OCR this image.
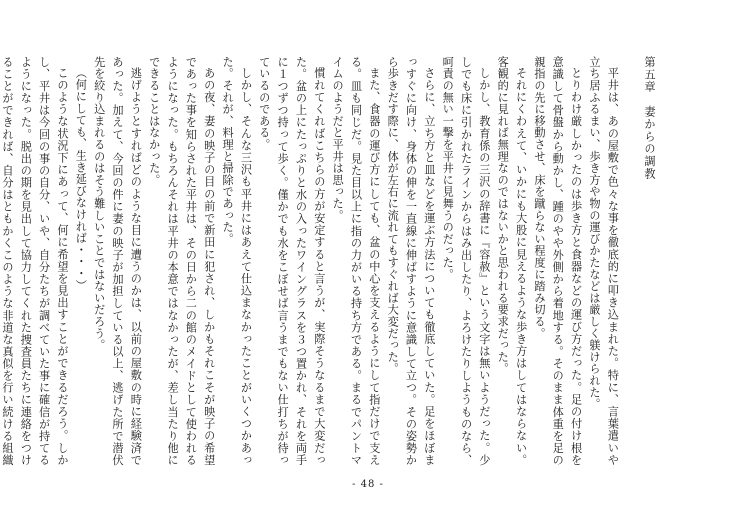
第五章　妻からの調教

平井は、あの屋敷で色々な事を徹底的に叩き込まれた。特に、言葉遣いや立ち居ふるまい、歩き方や物の運びかたなどは厳しく躾けられた。

とりわけ厳しかったのは歩き方と食器などの運び方だった。足の付け根を意識して骨盤から動かし、踵のやや外側から着地する。そのまま体重を足の親指の先に移動させ、床を蹴らない程度に踏み切る。

それにくわえて、いかにも大股に見えるような歩き方はしてはならない。客観的に見れば無理なのではないかと思われる要求だった。

しかし、教育係の三沢の辞書に『容赦』という文字は無いようだった。少しでも床に引かれたラインからはみ出したり、よろけたりしようものなら、呵責の無い一撃を平井に見舞うのだった。

さらに、立ち方と皿などを運ぶ方法についても徹底していた。足をほぼまっすぐに向け、身体の伸を一直線に伸ばすように意識して立つ。その姿勢から歩きだす際に、体が左右に流れてもすぐれば大変だった。

また、食器の運び方にしても、盆の中心を支えるようにして指だけで支える。皿も同じだ。見た目以上に指の力がいる持ち方である。まるでパントマイムのようだと平井は思った。

慣れてくればこちらの方が安定すると言うが、実際そうなるまで大変だった。盆の上にたっぷりと水の入ったワイングラスを３つ置かれ、それを両手に１つずつ持って歩く。僅かでも水をこぼせば言うまでもない仕打ちが待っているのである。

しかし、そんな三沢も平井にはあえて仕込まなかったことがいくつかあった。それが、料理と掃除であった。

あの夜、妻の映子の目の前で新田に犯され、しかもそれこそが映子の希望であった事を知らされた平井は、その日から二の館のメイドとして使われるようになった。もちろんそれは平井の本意ではなかったが、差し当たり他にできることはなかった。

逃げようとすればどのような目に遭うのかは、以前の屋敷の時に経験済であった。加えて、今回の件に妻の映子が加担している以上、逃げた所で潜伏先を絞り込まれるのはそう難しいことではないだろう。

（何にしても、生き延びなければ・・・）

このような状況下にあって、何に希望を見出すことができるだろう。しかし、平井は今回の事の自分、いや、自分たちが調べていた事に確信が持てるようになった。脱出の期を見出して協力してくれた捜査員たちに連絡をつけることができれば、自分はともかくこのような非道な真似を行い続ける組織

- 48 -
